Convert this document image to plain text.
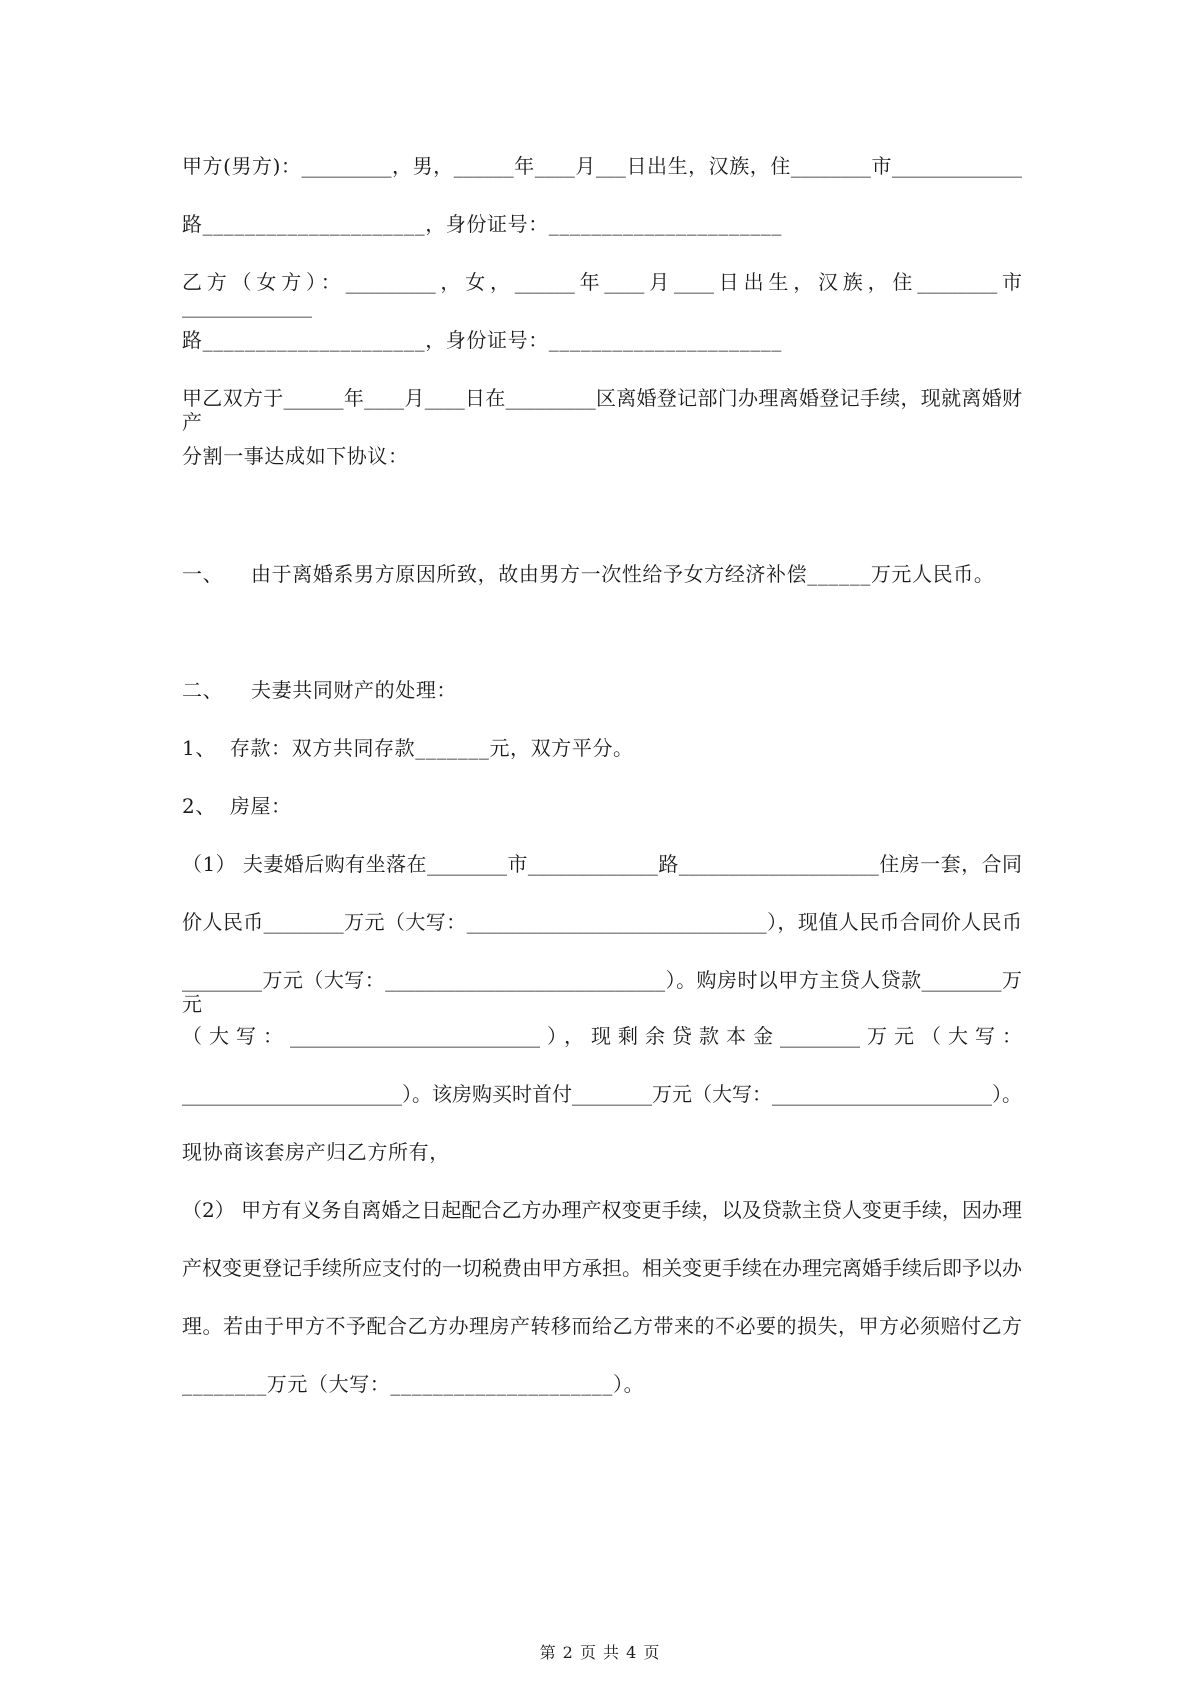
甲方(男方)：_________，男，______年____月___日出生，汉族，住________市_____________
路_____________________，身份证号：______________________
乙方（女方）：_________，女，______年____月____日出生，汉族，住________市_____________
路_____________________，身份证号：______________________
甲乙双方于______年____月____日在_________区离婚登记部门办理离婚登记手续，现就离婚财产
分割一事达成如下协议：
一、    由于离婚系男方原因所致，故由男方一次性给予女方经济补偿______万元人民币。
二、    夫妻共同财产的处理：
1、  存款：双方共同存款_______元，双方平分。
2、  房屋：
（1） 夫妻婚后购有坐落在________市_____________路____________________住房一套，合同
价人民币________万元（大写：______________________________），现值人民币合同价人民币
________万元（大写：____________________________）。购房时以甲方主贷人贷款________万元
（大写：_________________________），现剩余贷款本金________万元（大写：
______________________）。该房购买时首付________万元（大写：______________________）。
现协商该套房产归乙方所有，
（2） 甲方有义务自离婚之日起配合乙方办理产权变更手续，以及贷款主贷人变更手续，因办理
产权变更登记手续所应支付的一切税费由甲方承担。相关变更手续在办理完离婚手续后即予以办
理。若由于甲方不予配合乙方办理房产转移而给乙方带来的不必要的损失，甲方必须赔付乙方
________万元（大写：_____________________）。
第 2 页 共 4 页
